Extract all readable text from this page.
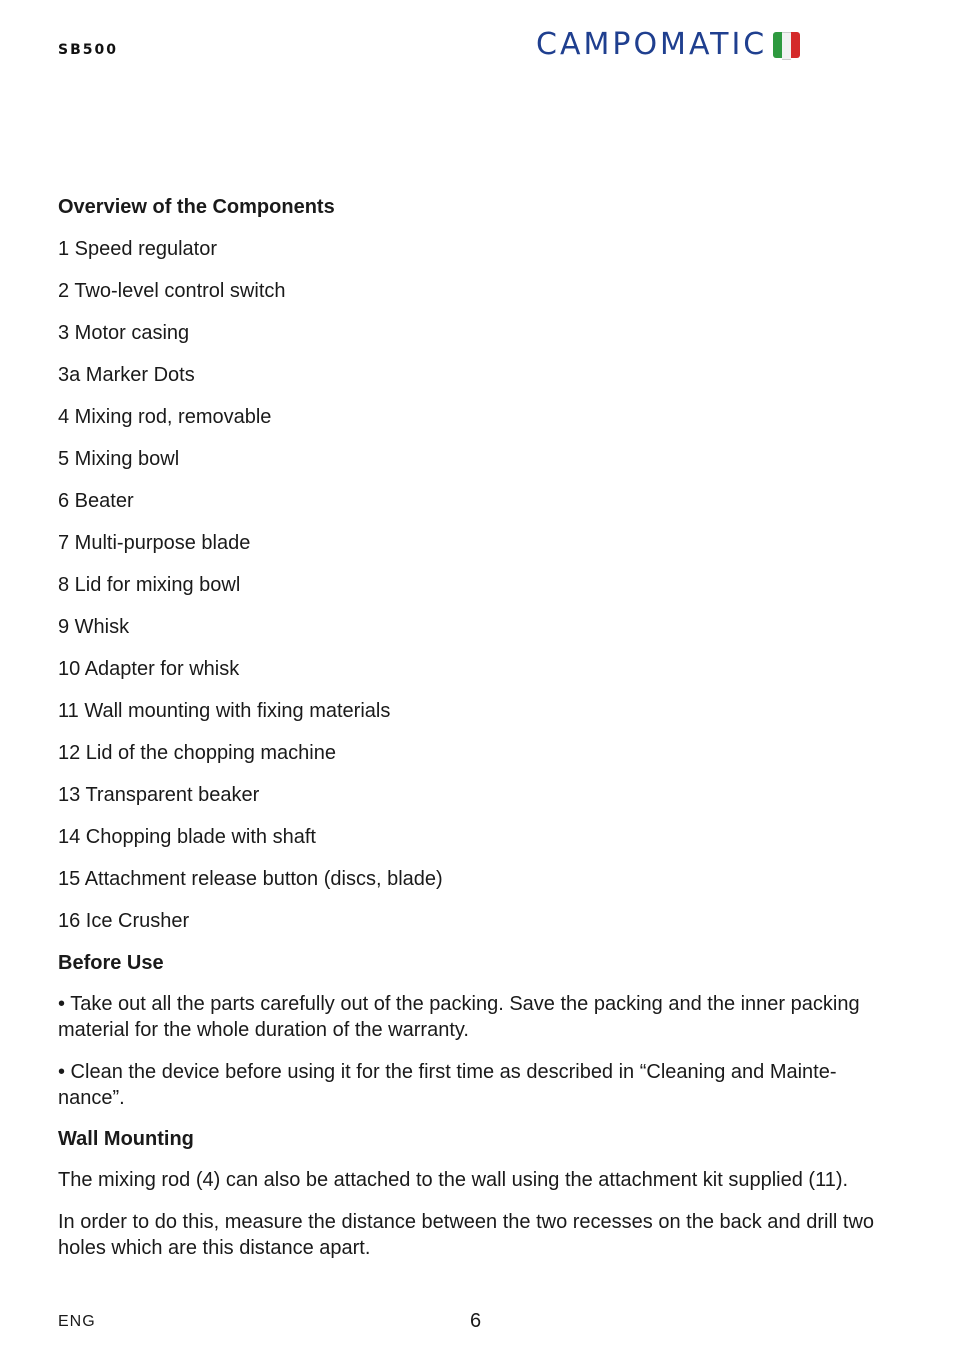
SB500	CAMPOMATIC

Overview of the Components

1 Speed regulator

2 Two-level control switch

3 Motor casing

3a Marker Dots

4 Mixing rod, removable

5 Mixing bowl

6 Beater

7 Multi-purpose blade

8 Lid for mixing bowl

9 Whisk

10 Adapter for whisk

11 Wall mounting with fixing materials

12 Lid of the chopping machine

13 Transparent beaker

14 Chopping blade with shaft

15 Attachment release button (discs, blade)

16 Ice Crusher

Before Use

• Take out all the parts carefully out of the packing. Save the packing and the inner packing material for the whole duration of the warranty.

• Clean the device before using it for the first time as described in “Cleaning and Mainte-nance”.

Wall Mounting

The mixing rod (4) can also be attached to the wall using the attachment kit supplied (11).

In order to do this, measure the distance between the two recesses on the back and drill two holes which are this distance apart.

ENG	6
